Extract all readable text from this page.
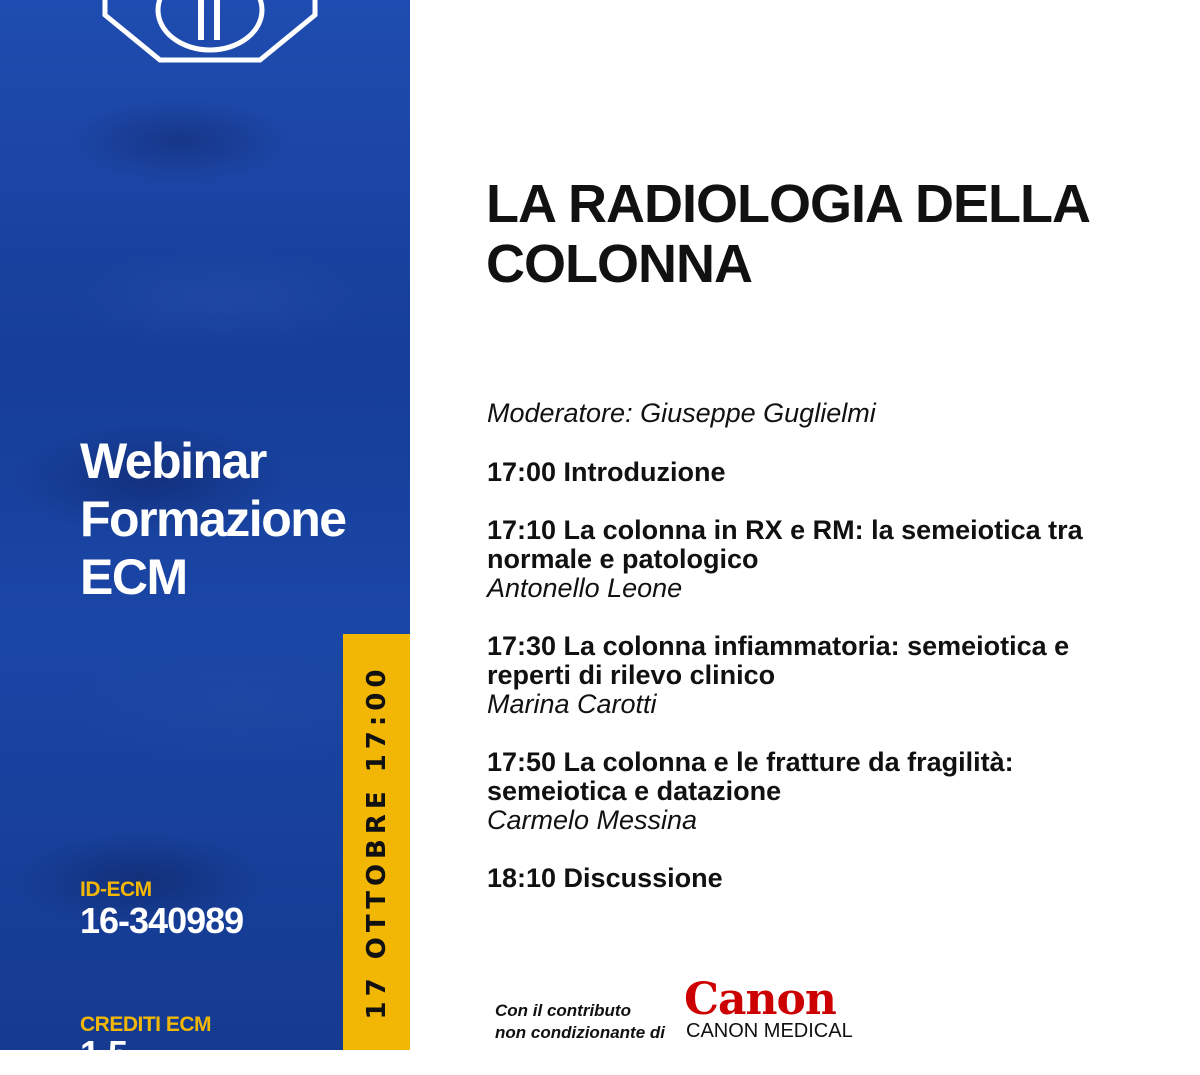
Webinar
Formazione
ECM
ID-ECM
16-340989
CREDITI ECM
1,5
17 OTTOBRE 17:00
LA RADIOLOGIA DELLA
COLONNA
Moderatore: Giuseppe Guglielmi
17:00 Introduzione
17:10 La colonna in RX e RM: la semeiotica tra
normale e patologico
Antonello Leone
17:30 La colonna infiammatoria: semeiotica e
reperti di rilevo clinico
Marina Carotti
17:50 La colonna e le fratture da fragilità:
semeiotica e datazione
Carmelo Messina
18:10 Discussione
Con il contributo
non condizionante di
Canon
CANON MEDICAL
